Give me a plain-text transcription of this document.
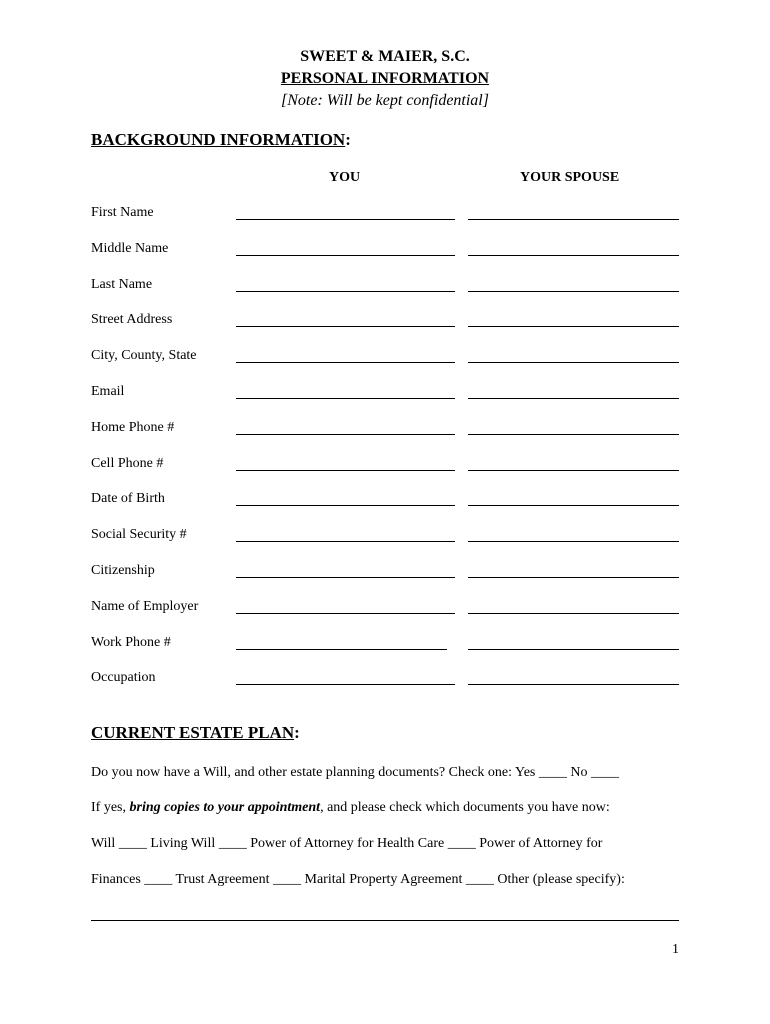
SWEET & MAIER, S.C.
PERSONAL INFORMATION
[Note: Will be kept confidential]
BACKGROUND INFORMATION:
YOU	YOUR SPOUSE
First Name
Middle Name
Last Name
Street Address
City, County, State
Email
Home Phone #
Cell Phone #
Date of Birth
Social Security #
Citizenship
Name of Employer
Work Phone #
Occupation
CURRENT ESTATE PLAN:
Do you now have a Will, and other estate planning documents? Check one: Yes ____ No ____
If yes, bring copies to your appointment, and please check which documents you have now:
Will ____ Living Will ____ Power of Attorney for Health Care ____ Power of Attorney for
Finances ____ Trust Agreement ____ Marital Property Agreement ____ Other (please specify):
1
